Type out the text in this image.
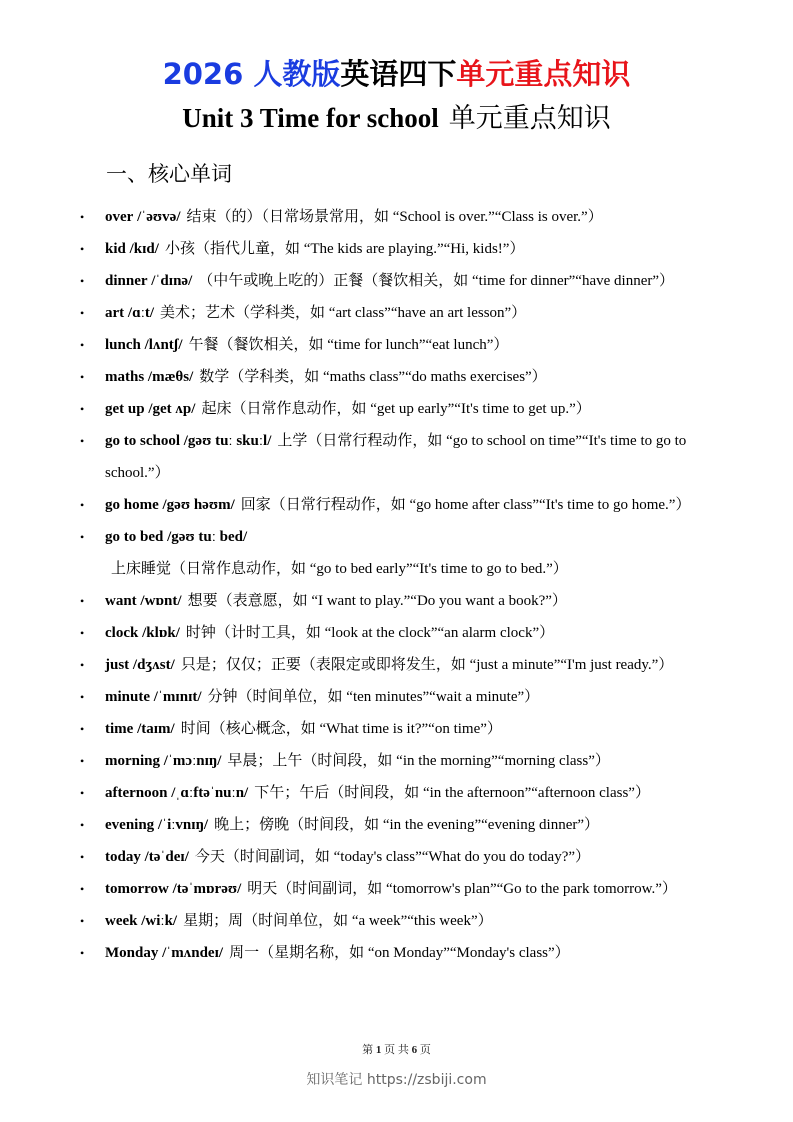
2026 人教版英语四下单元重点知识
Unit 3 Time for school 单元重点知识
一、核心单词
• over /ˈəʊvə/ 结束（的）（日常场景常用，如 “School is over.”“Class is over.”）
• kid /kɪd/ 小孩（指代儿童，如 “The kids are playing.”“Hi, kids!”）
• dinner /ˈdɪnə/ （中午或晚上吃的）正餐（餐饮相关，如 “time for dinner”“have dinner”）
• art /ɑːt/ 美术；艺术（学科类，如 “art class”“have an art lesson”）
• lunch /lʌntʃ/ 午餐（餐饮相关，如 “time for lunch”“eat lunch”）
• maths /mæθs/ 数学（学科类，如 “maths class”“do maths exercises”）
• get up /get ʌp/ 起床（日常作息动作，如 “get up early”“It's time to get up.”）
• go to school /gəʊ tuː skuːl/ 上学（日常行程动作，如 “go to school on time”“It's time to go to school.”）
• go home /gəʊ həʊm/ 回家（日常行程动作，如 “go home after class”“It's time to go home.”）
• go to bed /gəʊ tuː bed/上床睡觉（日常作息动作，如 “go to bed early”“It's time to go to bed.”）
• want /wɒnt/ 想要（表意愿，如 “I want to play.”“Do you want a book?”）
• clock /klɒk/ 时钟（计时工具，如 “look at the clock”“an alarm clock”）
• just /dʒʌst/ 只是；仅仅；正要（表限定或即将发生，如 “just a minute”“I'm just ready.”）
• minute /ˈmɪnɪt/ 分钟（时间单位，如 “ten minutes”“wait a minute”）
• time /taɪm/ 时间（核心概念，如 “What time is it?”“on time”）
• morning /ˈmɔːnɪŋ/ 早晨；上午（时间段，如 “in the morning”“morning class”）
• afternoon /ˌɑːftəˈnuːn/ 下午；午后（时间段，如 “in the afternoon”“afternoon class”）
• evening /ˈiːvnɪŋ/ 晚上；傍晚（时间段，如 “in the evening”“evening dinner”）
• today /təˈdeɪ/ 今天（时间副词，如 “today's class”“What do you do today?”）
• tomorrow /təˈmɒrəʊ/ 明天（时间副词，如 “tomorrow's plan”“Go to the park tomorrow.”）
• week /wiːk/ 星期；周（时间单位，如 “a week”“this week”）
• Monday /ˈmʌndeɪ/ 周一（星期名称，如 “on Monday”“Monday's class”）
第 1 页 共 6 页
知识笔记 https://zsbiji.com
